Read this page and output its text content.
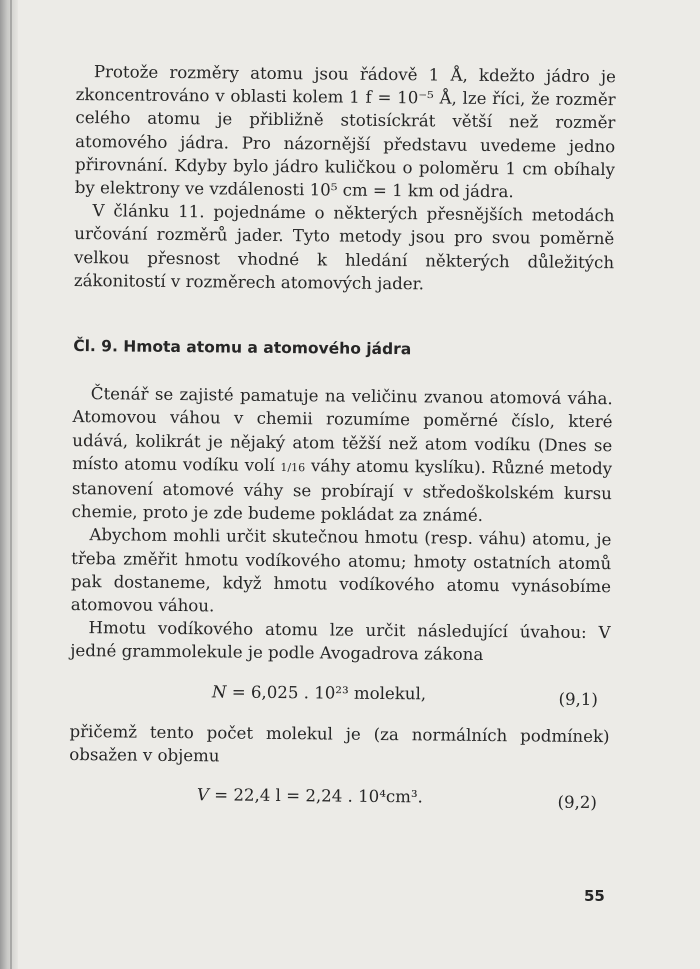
Protože rozměry atomu jsou řádově 1 Å, kdežto jádro je zkoncentrováno v oblasti kolem 1 f = 10⁻⁵ Å, lze říci, že rozměr celého atomu je přibližně stotisíckrát větší než rozměr atomového jádra. Pro názornější představu uvedeme jedno přirovnání. Kdyby bylo jádro kuličkou o poloměru 1 cm obíhaly by elektrony ve vzdálenosti 10⁵ cm = 1 km od jádra.

V článku 11. pojednáme o některých přesnějších metodách určování rozměrů jader. Tyto metody jsou pro svou poměrně velkou přesnost vhodné k hledání některých důležitých zákonitostí v rozměrech atomových jader.

Čl. 9. Hmota atomu a atomového jádra

Čtenář se zajisté pamatuje na veličinu zvanou atomová váha. Atomovou váhou v chemii rozumíme poměrné číslo, které udává, kolikrát je nějaký atom těžší než atom vodíku (Dnes se místo atomu vodíku volí 1/16 váhy atomu kyslíku). Různé metody stanovení atomové váhy se probírají v středoškolském kursu chemie, proto je zde budeme pokládat za známé.

Abychom mohli určit skutečnou hmotu (resp. váhu) atomu, je třeba změřit hmotu vodíkového atomu; hmoty ostatních atomů pak dostaneme, když hmotu vodíkového atomu vynásobíme atomovou váhou.

Hmotu vodíkového atomu lze určit následující úvahou: V jedné grammolekule je podle Avogadrova zákona

N = 6,025 . 10²³ molekul,	(9,1)

přičemž tento počet molekul je (za normálních podmínek) obsažen v objemu

V = 22,4 l = 2,24 . 10⁴cm³.	(9,2)
55
